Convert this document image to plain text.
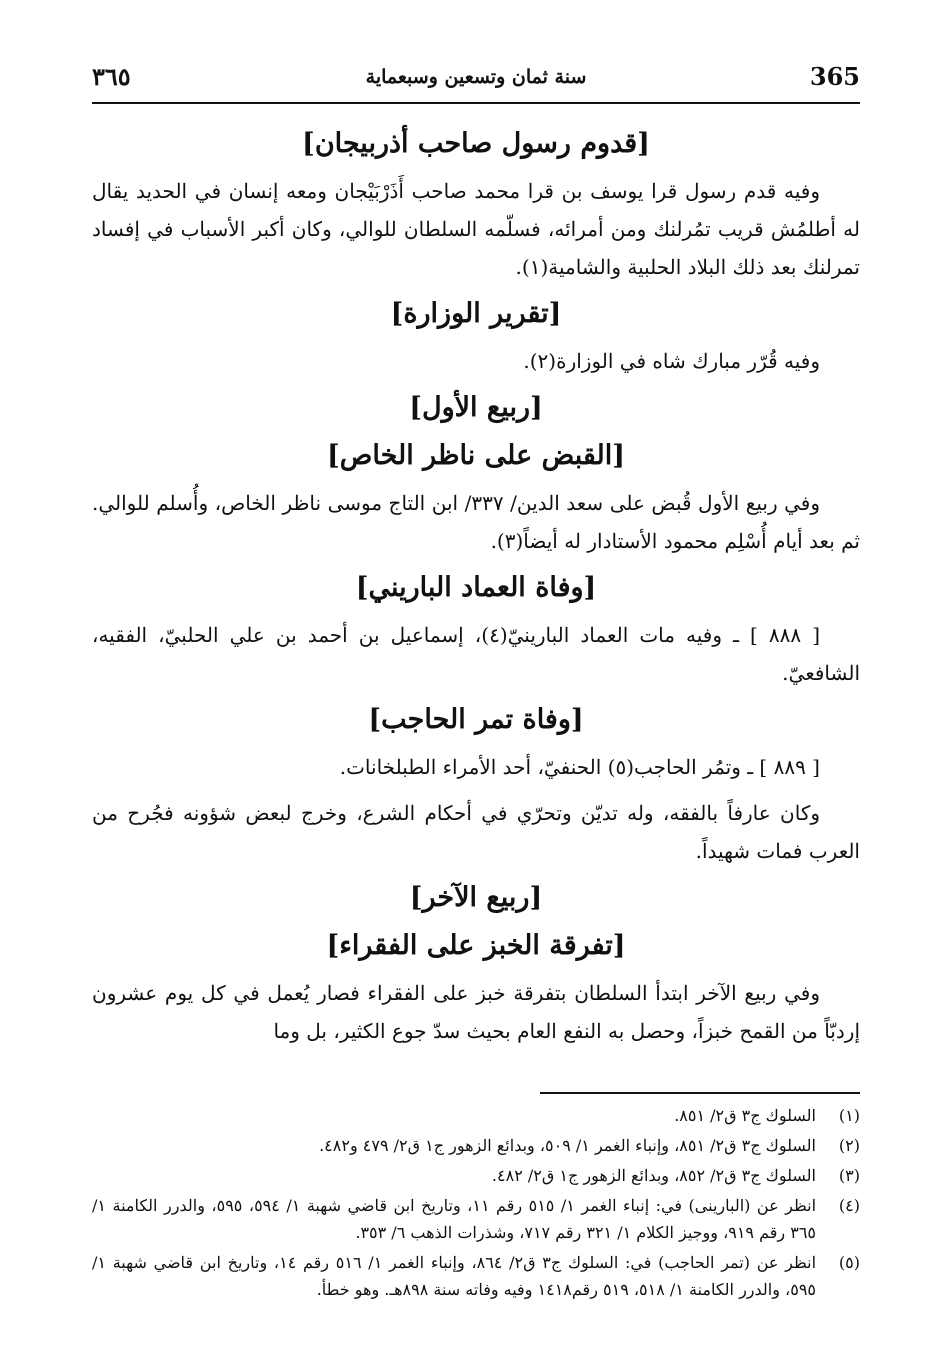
365
سنة ثمان وتسعين وسبعماية
٣٦٥
[قدوم رسول صاحب أذربيجان]

وفيه قدم رسول قرا يوسف بن قرا محمد صاحب أَذَرْبَيْجان ومعه إنسان في الحديد يقال له أطلمُش قريب تمُرلنك ومن أمرائه، فسلّمه السلطان للوالي، وكان أكبر الأسباب في إفساد تمرلنك بعد ذلك البلاد الحلبية والشامية(١).

[تقرير الوزارة]

وفيه قُرّر مبارك شاه في الوزارة(٢).

[ربيع الأول]
[القبض على ناظر الخاص]

وفي ربيع الأول قُبض على سعد الدين/ ٣٣٧/ ابن التاج موسى ناظر الخاص، وأُسلم للوالي. ثم بعد أيام أُسْلِم محمود الأستادار له أيضاً(٣).

[وفاة العماد الباريني]

[ ٨٨٨ ] ـ وفيه مات العماد البارينيّ(٤)، إسماعيل بن أحمد بن علي الحلبيّ، الفقيه، الشافعيّ.

[وفاة تمر الحاجب]

[ ٨٨٩ ] ـ وتمُر الحاجب(٥) الحنفيّ، أحد الأمراء الطبلخانات.

وكان عارفاً بالفقه، وله تديّن وتحرّي في أحكام الشرع، وخرج لبعض شؤونه فجُرح من العرب فمات شهيداً.

[ربيع الآخر]
[تفرقة الخبز على الفقراء]

وفي ربيع الآخر ابتدأ السلطان بتفرقة خبز على الفقراء فصار يُعمل في كل يوم عشرون إردبّاً من القمح خبزاً، وحصل به النفع العام بحيث سدّ جوع الكثير، بل وما

(١)
السلوك ج٣ ق٢/ ٨٥١.
(٢)
السلوك ج٣ ق٢/ ٨٥١، وإنباء الغمر ١/ ٥٠٩، وبدائع الزهور ج١ ق٢/ ٤٧٩ و٤٨٢.
(٣)
السلوك ج٣ ق٢/ ٨٥٢، وبدائع الزهور ج١ ق٢/ ٤٨٢.
(٤)
انظر عن (البارينى) في: إنباء الغمر ١/ ٥١٥ رقم ١١، وتاريخ ابن قاضي شهبة ١/ ٥٩٤، ٥٩٥، والدرر الكامنة ١/ ٣٦٥ رقم ٩١٩، ووجيز الكلام ١/ ٣٢١ رقم ٧١٧، وشذرات الذهب ٦/ ٣٥٣.
(٥)
انظر عن (تمر الحاجب) في: السلوك ج٣ ق٢/ ٨٦٤، وإنباء الغمر ١/ ٥١٦ رقم ١٤، وتاريخ ابن قاضي شهبة ١/ ٥٩٥، والدرر الكامنة ١/ ٥١٨، ٥١٩ رقم١٤١٨ وفيه وفاته سنة ٨٩٨هـ. وهو خطأ.
